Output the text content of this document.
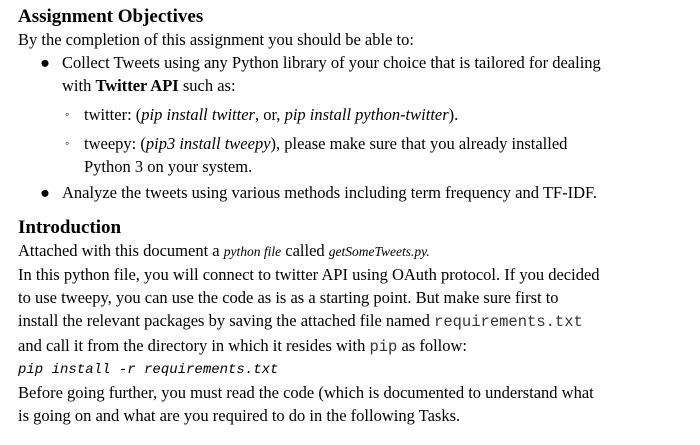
Assignment Objectives

By the completion of this assignment you should be able to:

● Collect Tweets using any Python library of your choice that is tailored for dealing
with Twitter API such as:
◦ twitter: (pip install twitter, or, pip install python-twitter).
◦ tweepy: (pip3 install tweepy), please make sure that you already installed
Python 3 on your system.
● Analyze the tweets using various methods including term frequency and TF-IDF.

Introduction

Attached with this document a python file called getSomeTweets.py.

In this python file, you will connect to twitter API using OAuth protocol. If you decided

to use tweepy, you can use the code as is as a starting point. But make sure first to

install the relevant packages by saving the attached file named requirements.txt

and call it from the directory in which it resides with pip as follow:

pip install -r requirements.txt

Before going further, you must read the code (which is documented to understand what

is going on and what are you required to do in the following Tasks.
